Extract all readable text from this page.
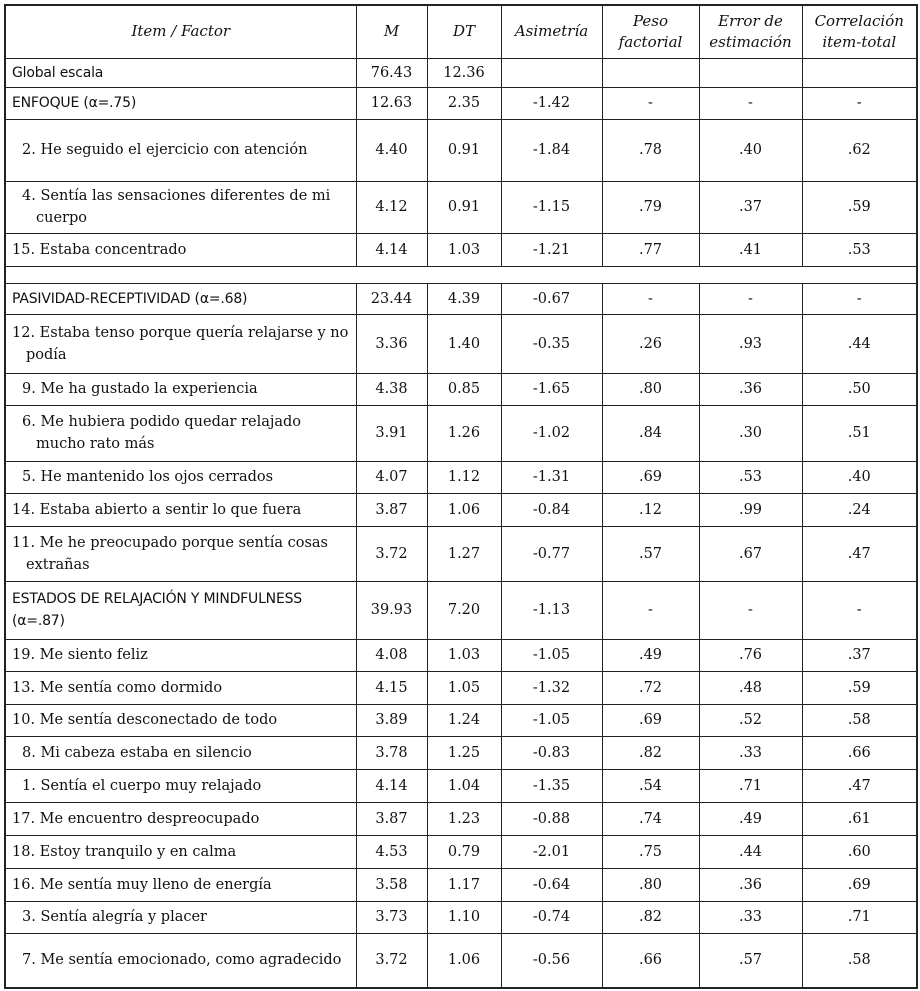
Item / Factor	M	DT	Asimetría	Peso factorial	Error de estimación	Correlación item-total
Global escala	76.43	12.36				
ENFOQUE (α=.75)	12.63	2.35	-1.42	-	-	-
2. He seguido el ejercicio con atención	4.40	0.91	-1.84	.78	.40	.62
4. Sentía las sensaciones diferentes de mi cuerpo	4.12	0.91	-1.15	.79	.37	.59
15. Estaba concentrado	4.14	1.03	-1.21	.77	.41	.53

PASIVIDAD-RECEPTIVIDAD (α=.68)	23.44	4.39	-0.67	-	-	-
12. Estaba tenso porque quería relajarse y no podía	3.36	1.40	-0.35	.26	.93	.44
9. Me ha gustado la experiencia	4.38	0.85	-1.65	.80	.36	.50
6. Me hubiera podido quedar relajado mucho rato más	3.91	1.26	-1.02	.84	.30	.51
5. He mantenido los ojos cerrados	4.07	1.12	-1.31	.69	.53	.40
14. Estaba abierto a sentir lo que fuera	3.87	1.06	-0.84	.12	.99	.24
11. Me he preocupado porque sentía cosas extrañas	3.72	1.27	-0.77	.57	.67	.47
ESTADOS DE RELAJACIÓN Y MINDFULNESS (α=.87)	39.93	7.20	-1.13	-	-	-
19. Me siento feliz	4.08	1.03	-1.05	.49	.76	.37
13. Me sentía como dormido	4.15	1.05	-1.32	.72	.48	.59
10. Me sentía desconectado de todo	3.89	1.24	-1.05	.69	.52	.58
8. Mi cabeza estaba en silencio	3.78	1.25	-0.83	.82	.33	.66
1. Sentía el cuerpo muy relajado	4.14	1.04	-1.35	.54	.71	.47
17. Me encuentro despreocupado	3.87	1.23	-0.88	.74	.49	.61
18. Estoy tranquilo y en calma	4.53	0.79	-2.01	.75	.44	.60
16. Me sentía muy lleno de energía	3.58	1.17	-0.64	.80	.36	.69
3. Sentía alegría y placer	3.73	1.10	-0.74	.82	.33	.71
7. Me sentía emocionado, como agradecido	3.72	1.06	-0.56	.66	.57	.58
